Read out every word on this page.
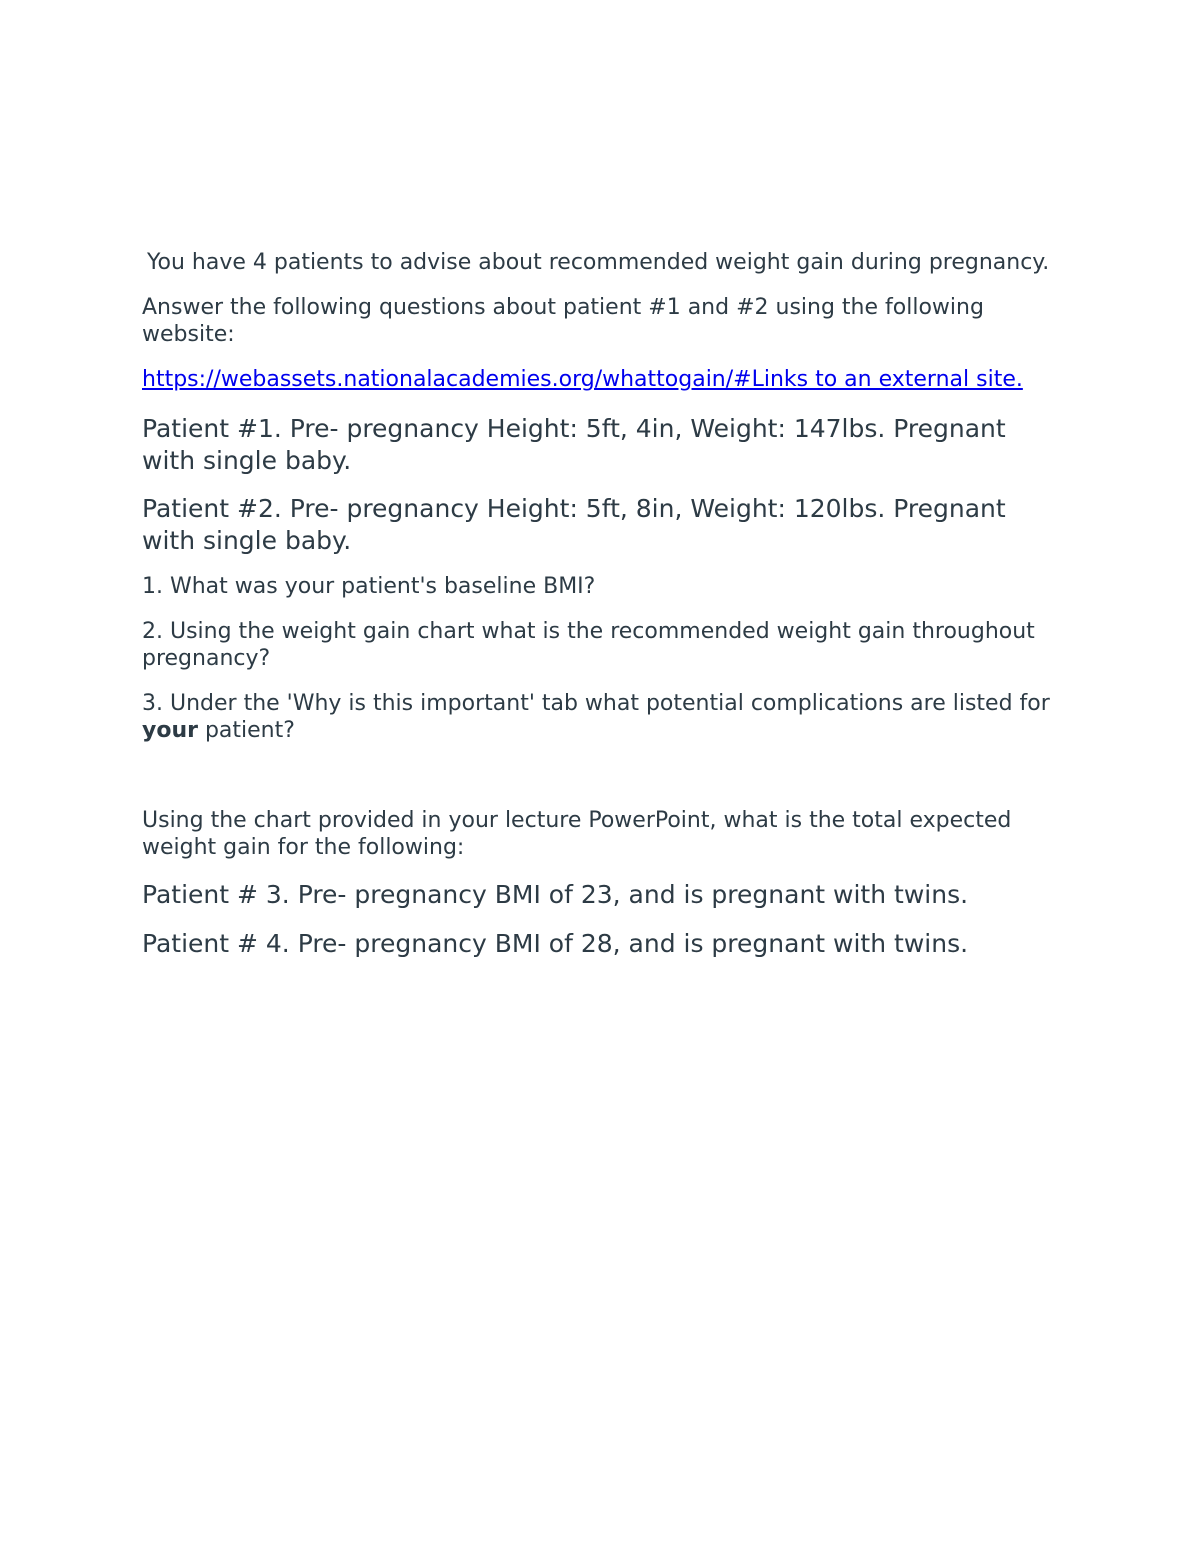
You have 4 patients to advise about recommended weight gain during pregnancy.

Answer the following questions about patient #1 and #2 using the following website:

https://webassets.nationalacademies.org/whattogain/#Links to an external site.

Patient #1. Pre- pregnancy Height: 5ft, 4in, Weight: 147lbs. Pregnant with single baby.

Patient #2. Pre- pregnancy Height: 5ft, 8in, Weight: 120lbs. Pregnant with single baby.

1. What was your patient's baseline BMI?

2. Using the weight gain chart what is the recommended weight gain throughout pregnancy?

3. Under the 'Why is this important' tab what potential complications are listed for your patient?

Using the chart provided in your lecture PowerPoint, what is the total expected weight gain for the following:

Patient # 3. Pre- pregnancy BMI of 23, and is pregnant with twins.

Patient # 4. Pre- pregnancy BMI of 28, and is pregnant with twins.
